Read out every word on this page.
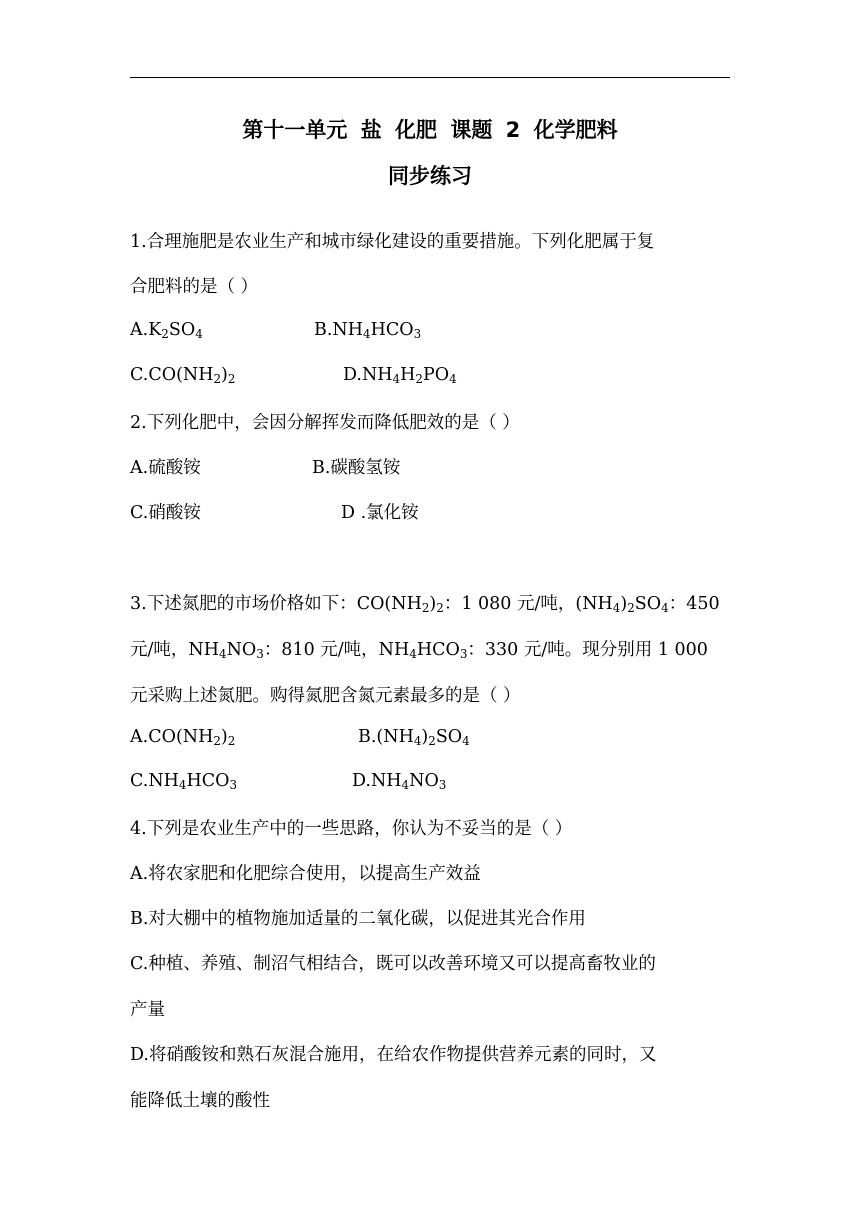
第十一单元 盐 化肥 课题 2 化学肥料
同步练习
1.合理施肥是农业生产和城市绿化建设的重要措施。下列化肥属于复
合肥料的是（ ）
$A.K_2SO_4$	$B.NH_4HCO_3$
$C.CO(NH_2)_2$	$D.NH_4H_2PO_4$
2.下列化肥中，会因分解挥发而降低肥效的是（ ）
A.硫酸铵	B.碳酸氢铵
C.硝酸铵	D .氯化铵
3.下述氮肥的市场价格如下：$CO(NH_2)_2$：1 080 元/吨，$(NH_4)_2SO_4$：450
元/吨，$NH_4NO_3$：810 元/吨，$NH_4HCO_3$：330 元/吨。现分别用 1 000
元采购上述氮肥。购得氮肥含氮元素最多的是（ ）
$A.CO(NH_2)_2$	$B.(NH_4)_2SO_4$
$C.NH_4HCO_3$	$D.NH_4NO_3$
4.下列是农业生产中的一些思路，你认为不妥当的是（ ）
A.将农家肥和化肥综合使用，以提高生产效益
B.对大棚中的植物施加适量的二氧化碳，以促进其光合作用
C.种植、养殖、制沼气相结合，既可以改善环境又可以提高畜牧业的
产量
D.将硝酸铵和熟石灰混合施用，在给农作物提供营养元素的同时，又
能降低土壤的酸性
